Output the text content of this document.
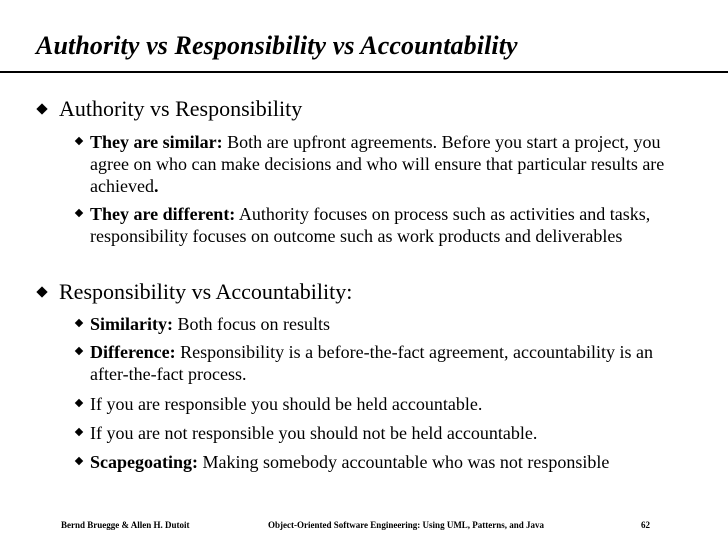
Authority vs Responsibility vs Accountability
Authority vs Responsibility
They are similar: Both are upfront agreements. Before you start a project, you agree on who can make decisions and who will ensure that particular results are achieved.
They are different: Authority focuses on process such as activities and tasks, responsibility focuses on outcome such as work products and deliverables
Responsibility vs Accountability:
Similarity: Both focus on results
Difference: Responsibility is a before-the-fact agreement, accountability is an after-the-fact process.
If you are responsible you should be held accountable.
If you are not responsible you should not be held accountable.
Scapegoating: Making somebody accountable who was not responsible
Bernd Bruegge & Allen H. Dutoit	Object-Oriented Software Engineering: Using UML, Patterns, and Java	62
